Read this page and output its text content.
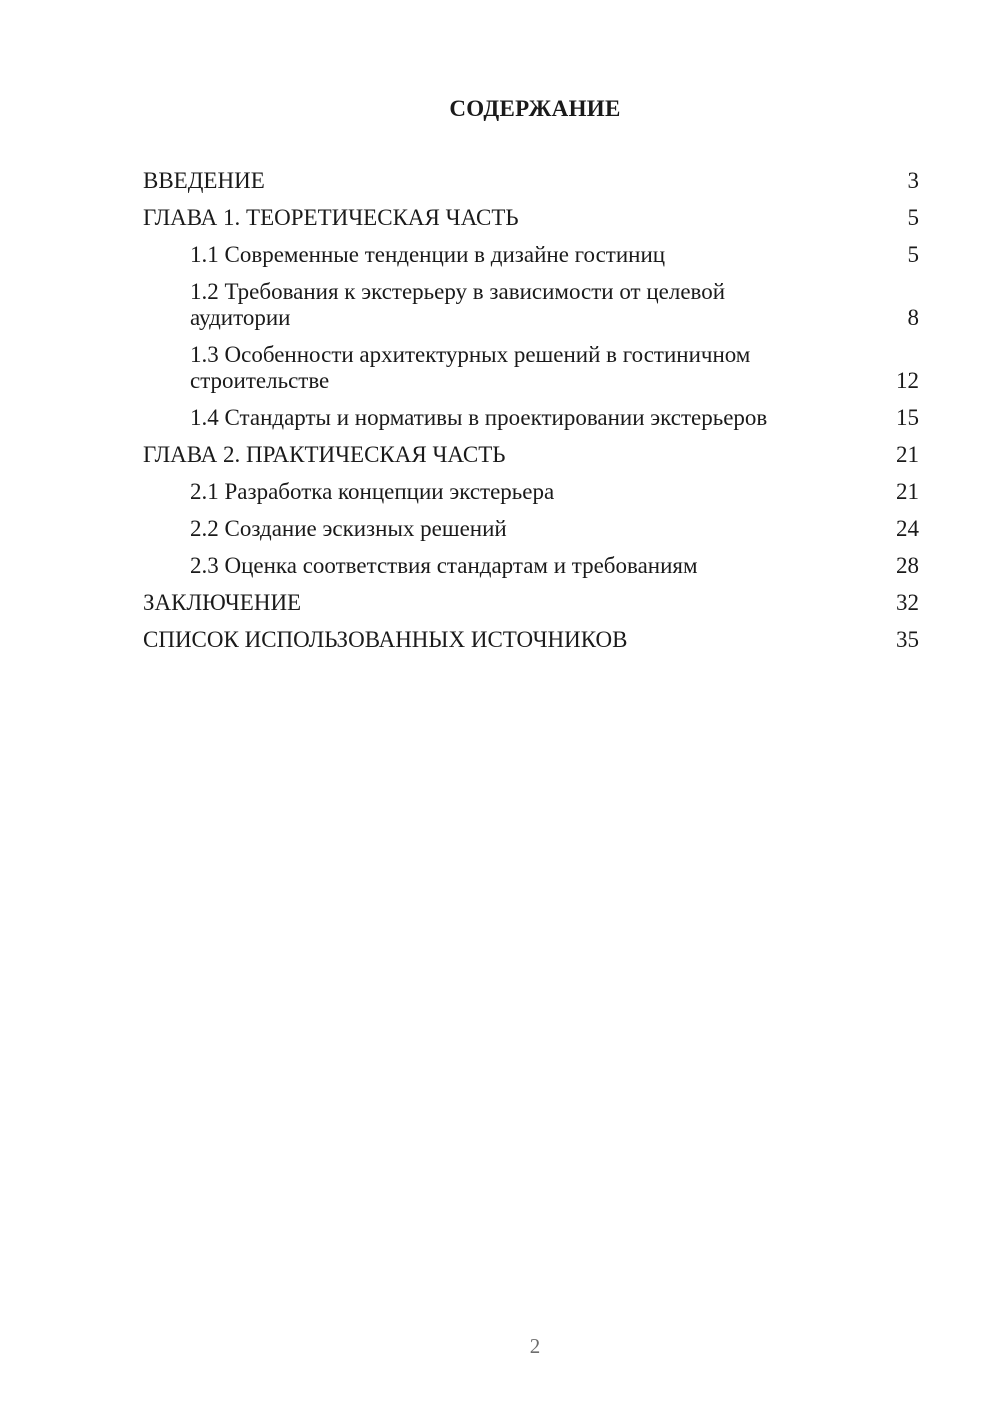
СОДЕРЖАНИЕ
ВВЕДЕНИЕ	3
ГЛАВА 1. ТЕОРЕТИЧЕСКАЯ ЧАСТЬ	5
1.1 Современные тенденции в дизайне гостиниц	5
1.2 Требования к экстерьеру в зависимости от целевой аудитории	8
1.3 Особенности архитектурных решений в гостиничном строительстве	12
1.4 Стандарты и нормативы в проектировании экстерьеров	15
ГЛАВА 2. ПРАКТИЧЕСКАЯ ЧАСТЬ	21
2.1 Разработка концепции экстерьера	21
2.2 Создание эскизных решений	24
2.3 Оценка соответствия стандартам и требованиям	28
ЗАКЛЮЧЕНИЕ	32
СПИСОК ИСПОЛЬЗОВАННЫХ ИСТОЧНИКОВ	35
2
